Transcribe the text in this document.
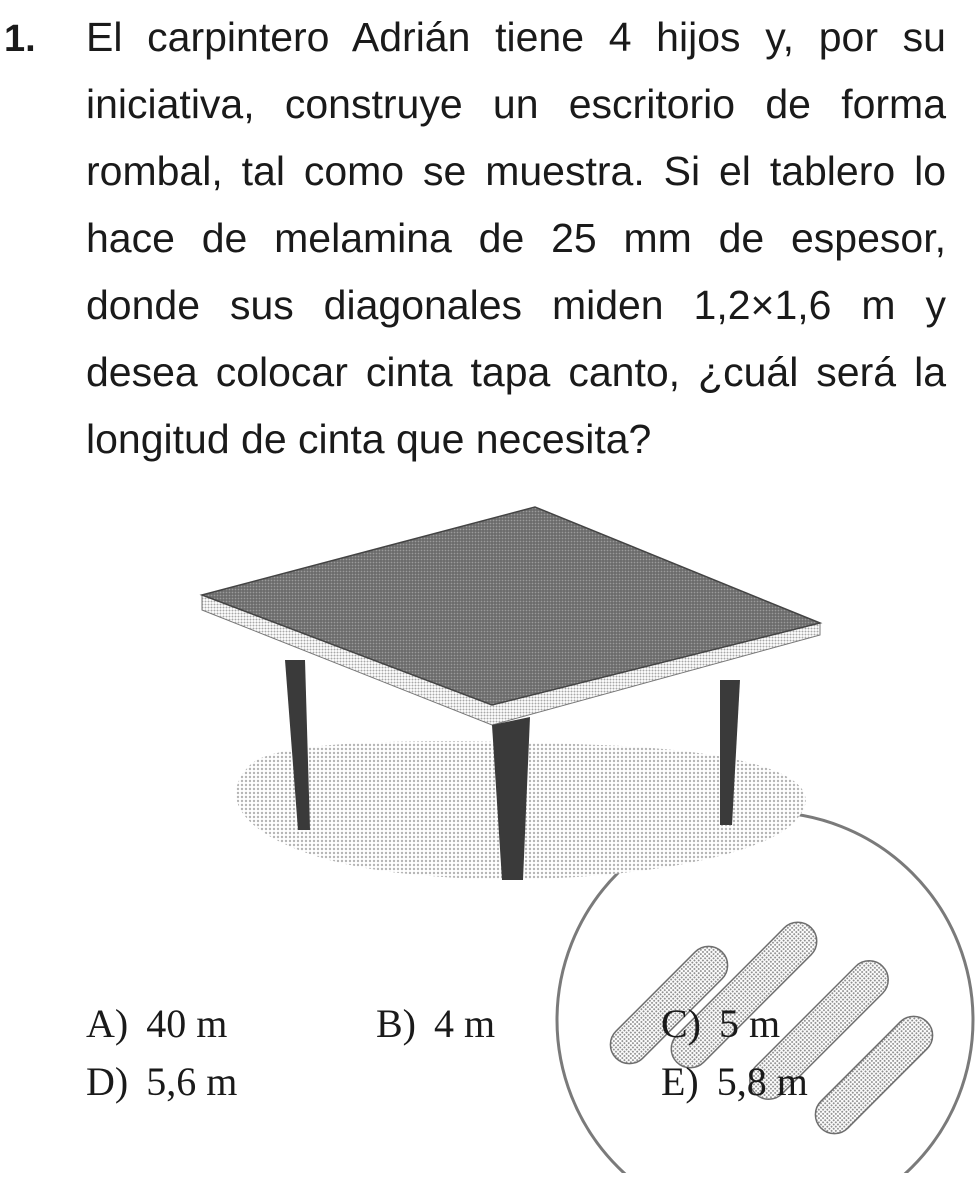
1. El carpintero Adrián tiene 4 hijos y, por su iniciativa, construye un escritorio de forma rombal, tal como se muestra. Si el tablero lo hace de melamina de 25 mm de espesor, donde sus diagonales miden 1,2×1,6 m y desea colocar cinta tapa canto, ¿cuál será la longitud de cinta que necesita?

A) 40 m	B) 4 m	C) 5 m
D) 5,6 m	E) 5,8 m
